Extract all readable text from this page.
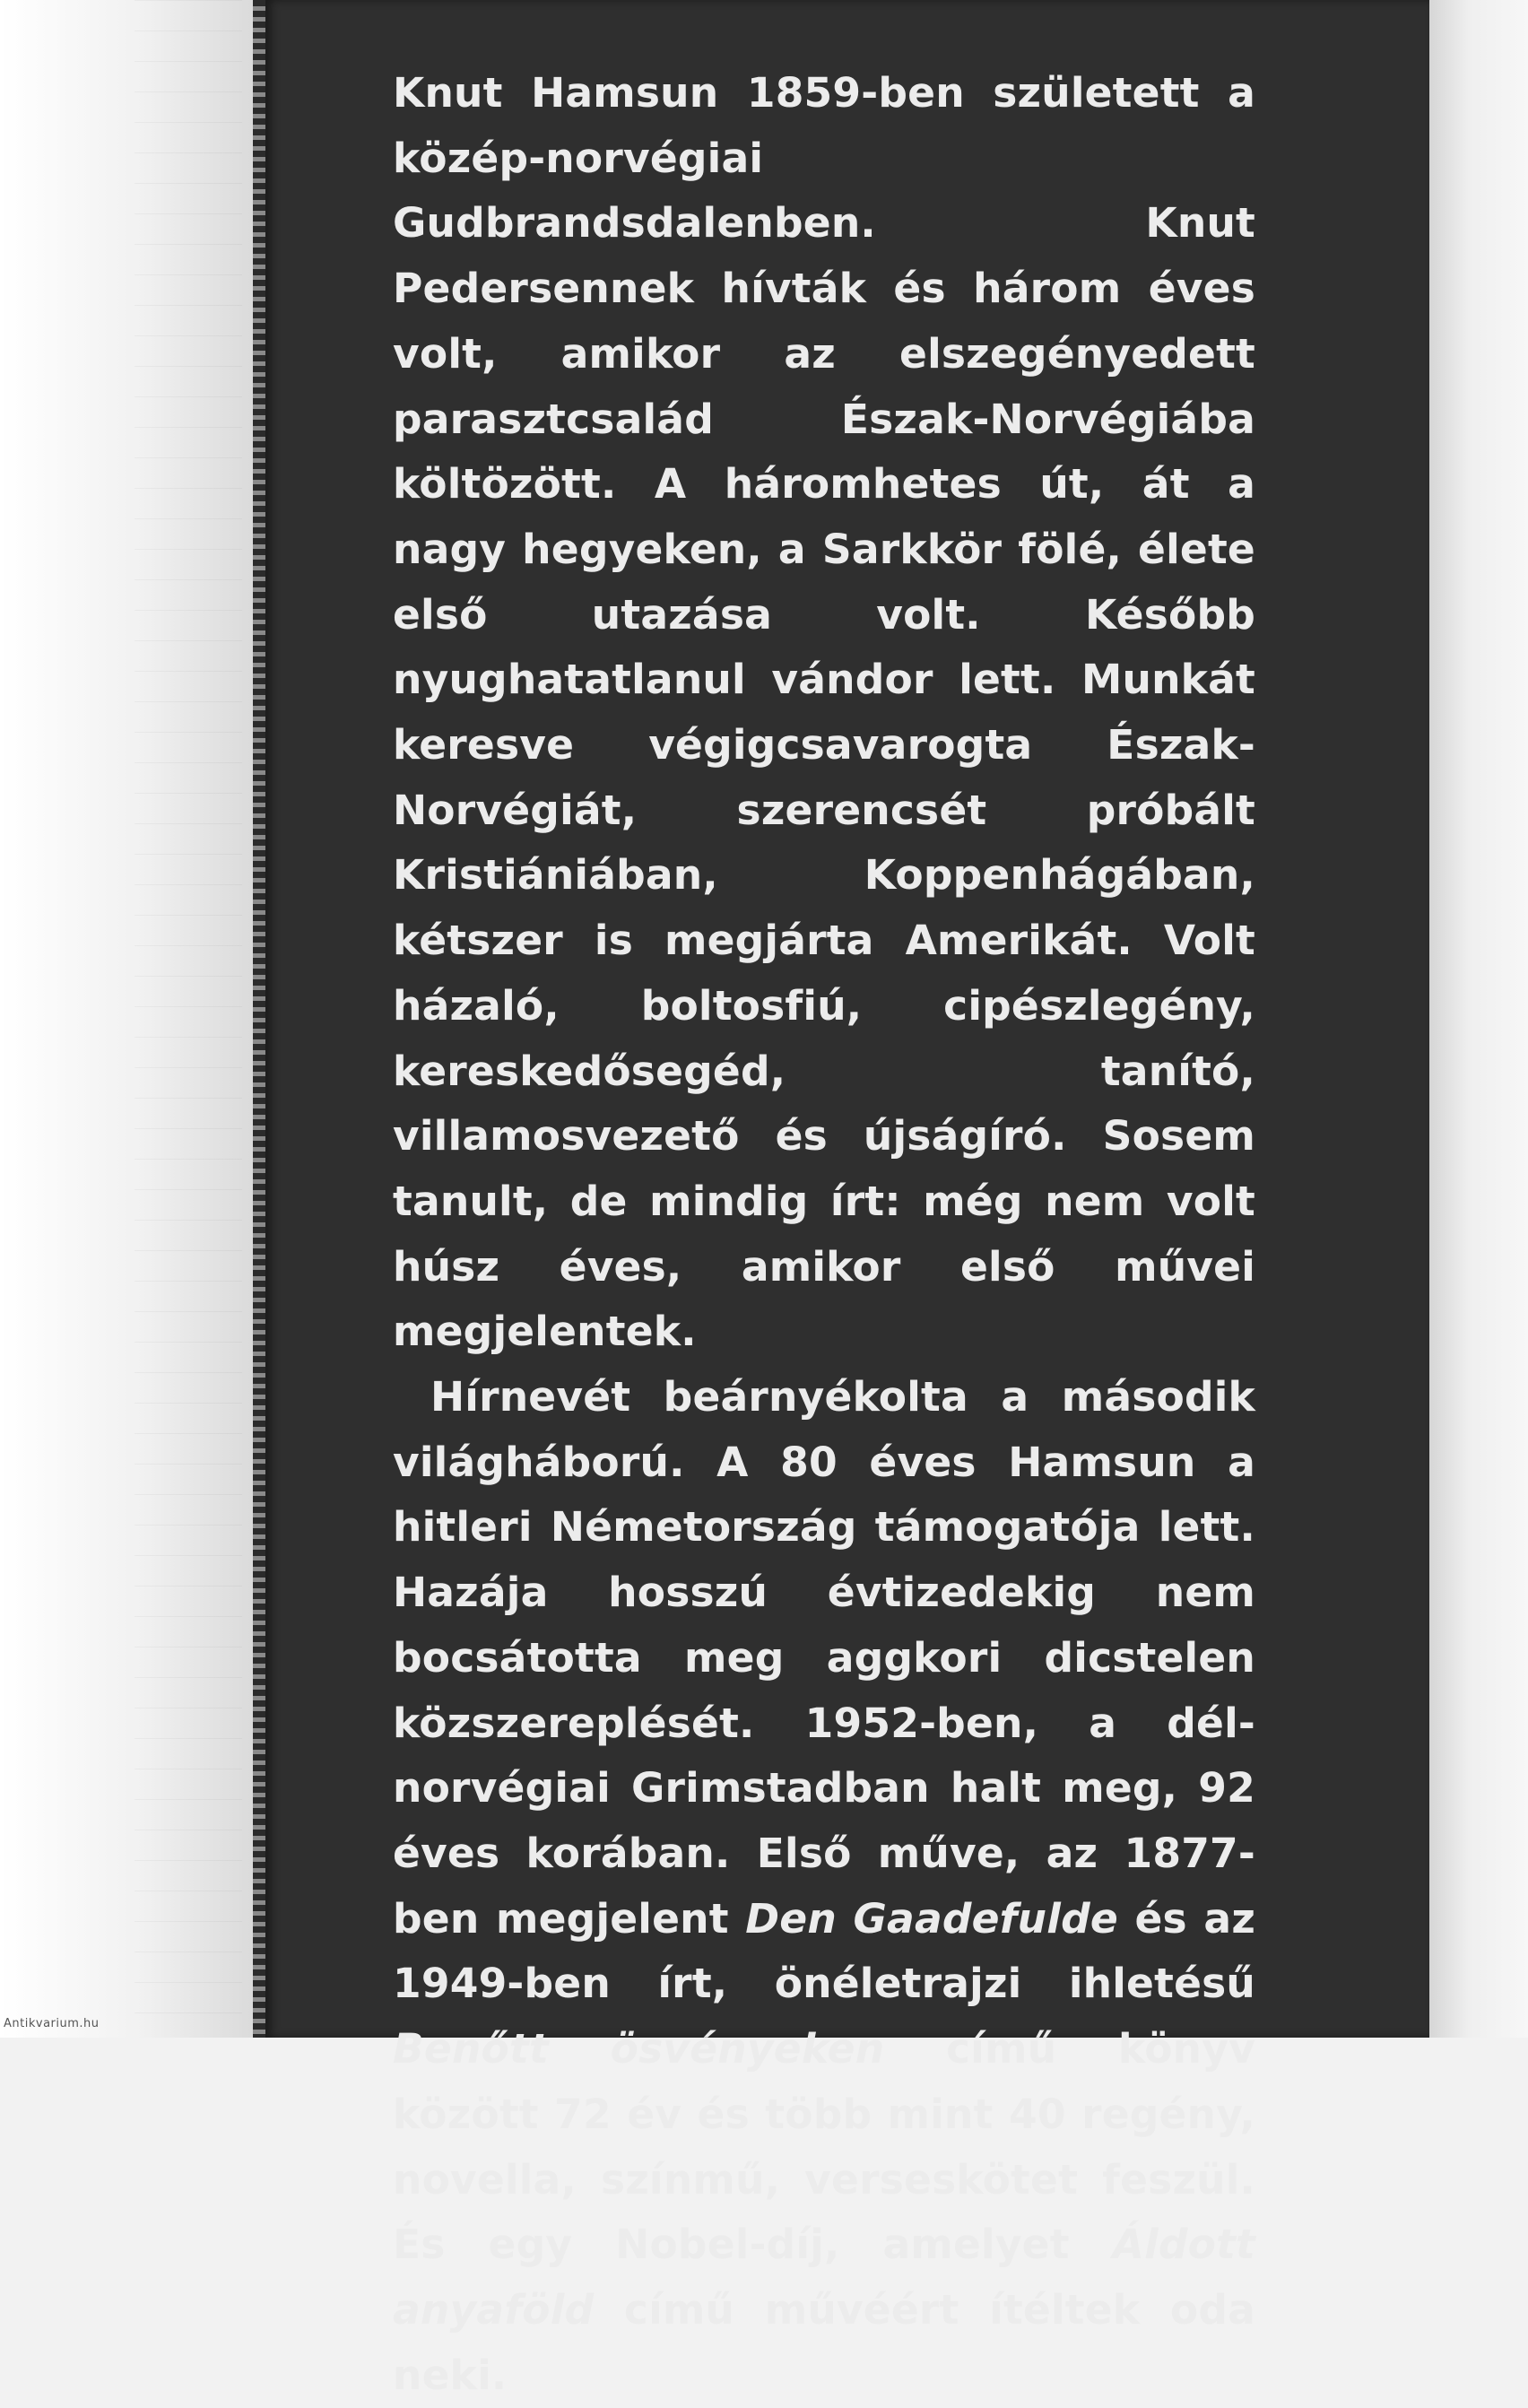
Knut Hamsun 1859-ben született a közép-norvégiai Gudbrandsdalenben. Knut Pedersennek hívták és három éves volt, amikor az elszegényedett parasztcsalád Észak-Norvégiába költözött. A háromhetes út, át a nagy hegyeken, a Sarkkör fölé, élete első utazása volt. Később nyughatatlanul vándor lett. Munkát keresve végigcsavarogta Észak-Norvégiát, szerencsét próbált Kristiániában, Koppenhágában, kétszer is megjárta Amerikát. Volt házaló, boltosfiú, cipészlegény, kereskedősegéd, tanító, villamosvezető és újságíró. Sosem tanult, de mindig írt: még nem volt húsz éves, amikor első művei megjelentek.

Hírnevét beárnyékolta a második világháború. A 80 éves Hamsun a hitleri Németország támogatója lett. Hazája hosszú évtizedekig nem bocsátotta meg aggkori dicstelen közszereplését. 1952-ben, a dél-norvégiai Grimstadban halt meg, 92 éves korában. Első műve, az 1877-ben megjelent Den Gaadefulde és az 1949-ben írt, önéletrajzi ihletésű Benőtt ösvényeken című könyv között 72 év és több mint 40 regény, novella, színmű, verseskötet feszül. És egy Nobel-díj, amelyet Áldott anyaföld című művéért ítéltek oda neki.

Antikvarium.hu
